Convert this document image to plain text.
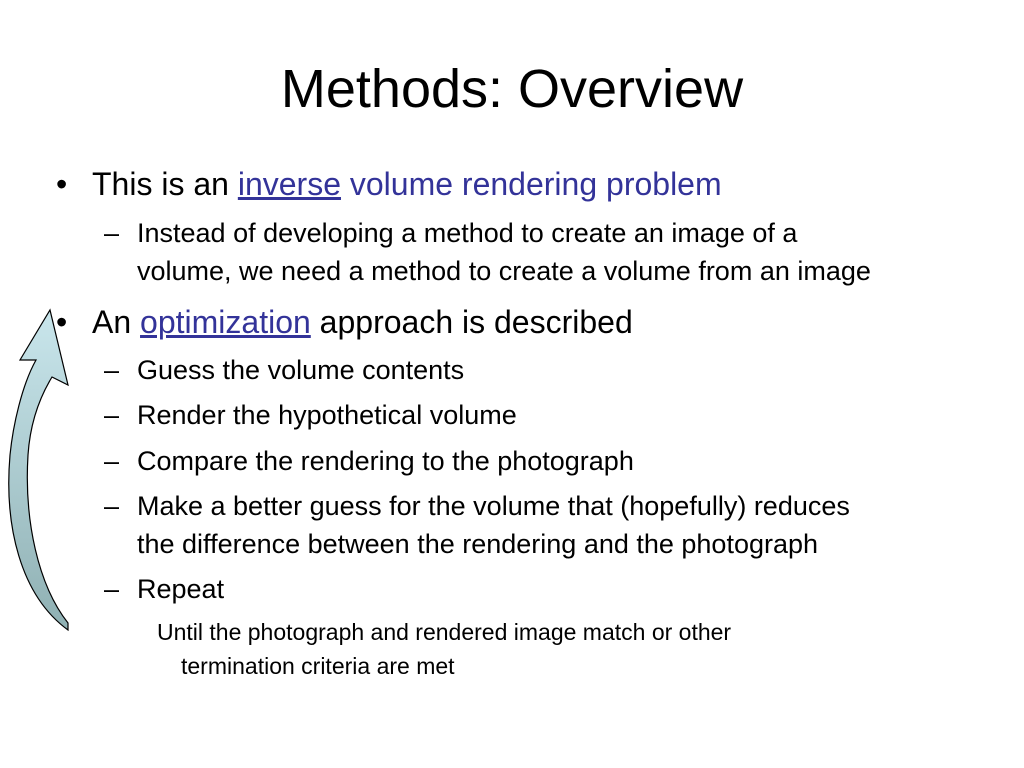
Methods: Overview
• This is an inverse volume rendering problem
– Instead of developing a method to create an image of a
volume, we need a method to create a volume from an image
• An optimization approach is described
– Guess the volume contents
– Render the hypothetical volume
– Compare the rendering to the photograph
– Make a better guess for the volume that (hopefully) reduces
the difference between the rendering and the photograph
– Repeat
Until the photograph and rendered image match or other
termination criteria are met
